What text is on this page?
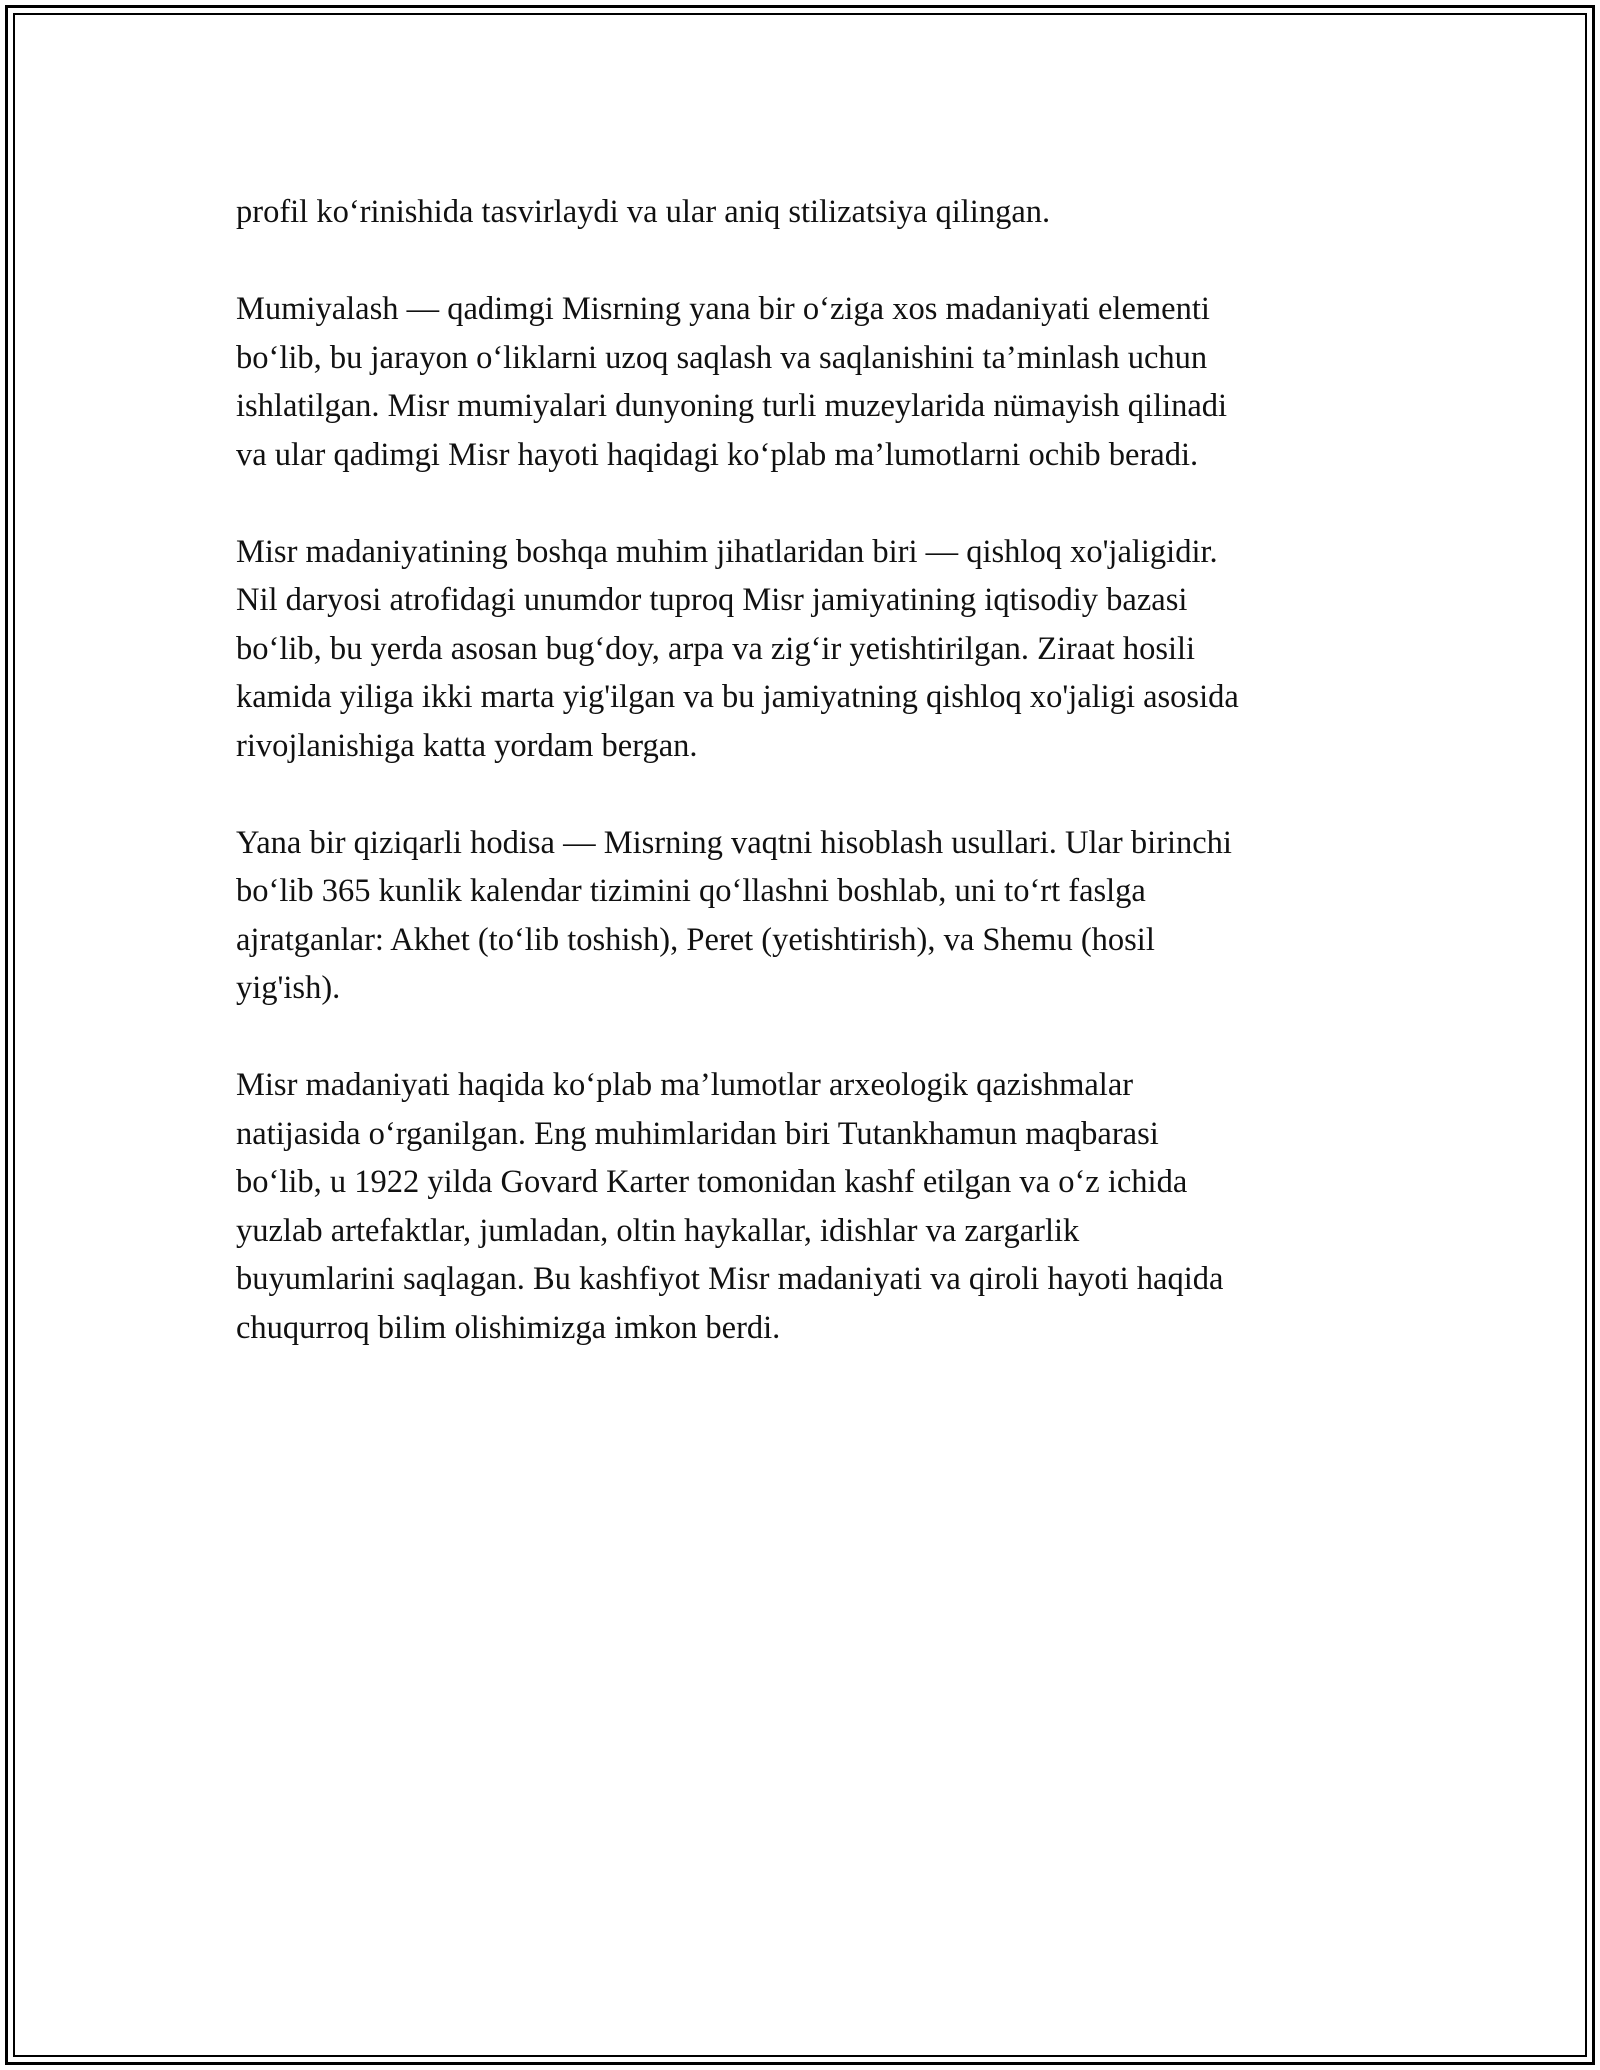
profil ko‘rinishida tasvirlaydi va ular aniq stilizatsiya qilingan.

Mumiyalash — qadimgi Misrning yana bir o‘ziga xos madaniyati elementi
bo‘lib, bu jarayon o‘liklarni uzoq saqlash va saqlanishini ta’minlash uchun
ishlatilgan. Misr mumiyalari dunyoning turli muzeylarida nümayish qilinadi
va ular qadimgi Misr hayoti haqidagi ko‘plab ma’lumotlarni ochib beradi.

Misr madaniyatining boshqa muhim jihatlaridan biri — qishloq xo'jaligidir.
Nil daryosi atrofidagi unumdor tuproq Misr jamiyatining iqtisodiy bazasi
bo‘lib, bu yerda asosan bug‘doy, arpa va zig‘ir yetishtirilgan. Ziraat hosili
kamida yiliga ikki marta yig'ilgan va bu jamiyatning qishloq xo'jaligi asosida
rivojlanishiga katta yordam bergan.

Yana bir qiziqarli hodisa — Misrning vaqtni hisoblash usullari. Ular birinchi
bo‘lib 365 kunlik kalendar tizimini qo‘llashni boshlab, uni to‘rt faslga
ajratganlar: Akhet (to‘lib toshish), Peret (yetishtirish), va Shemu (hosil
yig'ish).

Misr madaniyati haqida ko‘plab ma’lumotlar arxeologik qazishmalar
natijasida o‘rganilgan. Eng muhimlaridan biri Tutankhamun maqbarasi
bo‘lib, u 1922 yilda Govard Karter tomonidan kashf etilgan va o‘z ichida
yuzlab artefaktlar, jumladan, oltin haykallar, idishlar va zargarlik
buyumlarini saqlagan. Bu kashfiyot Misr madaniyati va qiroli hayoti haqida
chuqurroq bilim olishimizga imkon berdi.
